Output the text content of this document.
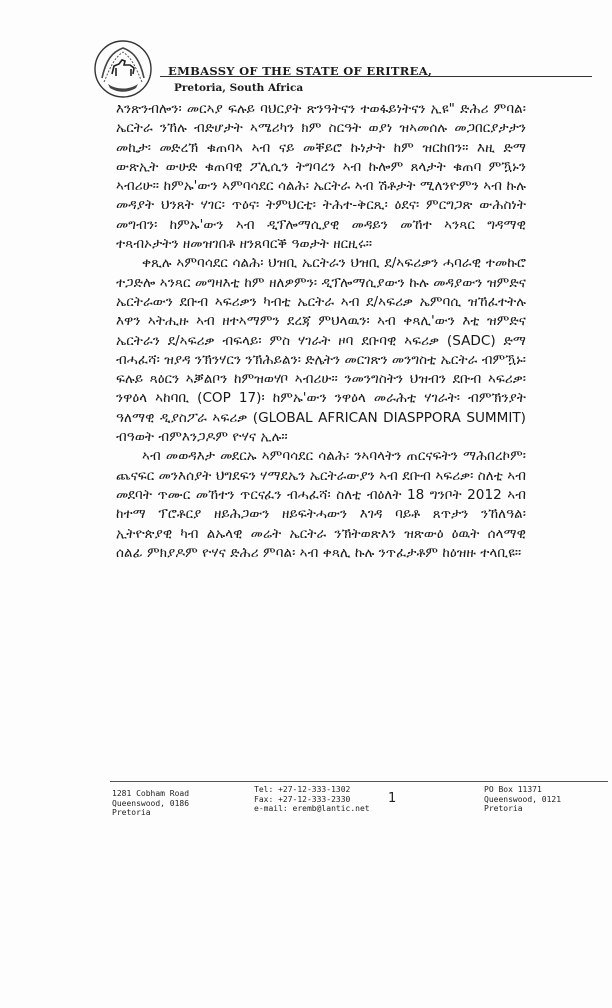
EMBASSY OF THE STATE OF ERITREA,
Pretoria, South Africa

እንጽንብሎን፡ መርኣያ ፍሉይ ባህርያት ጽንዓትናን ተወፋይነትናን ኢዩ" ድሕሪ ምባል፡ ኤርትራ ንኸሉ ብድሆታት ኣሜሪካን ክም ስርዓት ወያነ ዝኣመሰሉ መጋበርያታታን መኪታ፡ መድረኽ ቁጠባኣ ኣብ ናይ መቐይሮ ኩነታት ከም ዝርከበን። እዚ ድማ ውጽኢት ውሁድ ቁጠባዊ ፖሊሲን ትግባረን ኣብ ኩሎም ጸላታት ቁጠባ ምዃኑን ኣብሪሁ። ከምኡ'ውን ኣምባሳደር ሳልሕ፡ ኤርትራ ኣብ ሽቶታት ሚለንዮምን ኣብ ኩሉ መዳያት ህንጸት ሃገር፡ ጥዕና፡ ትምህርቲ፡ ትሕተ-ቅርጺ፡ ዕደና፡ ምርግጋጽ ውሕስነት መግብን፡ ከምኡ'ውን ኣብ ዲፕሎማሲያዊ መዳይን መኸተ ኣንጻር ግዳማዊ ተጻብኦታትን ዘመዝገበቶ ዘንጸባርቕ ዓወታት ዘርዚሩ።

ቀጺሉ ኣምባሳደር ሳልሕ፡ ህዝቢ ኤርትራን ህዝቢ ደ/ኣፍሪቃን ሓባራዊ ተመኩሮ ተጋድሎ ኣንጻር መግዛእቲ ከም ዘለዎምን፡ ዲፕሎማሲያውን ኩሉ መዳያውን ዝምድና ኤርትራውን ደቡብ ኣፍሪቃን ካብቲ ኤርትራ ኣብ ደ/ኣፍሪቃ ኤምባሲ ዝኸፈተትሉ እዋን ኣትሒዙ ኣብ ዘተኣማምን ደረጃ ምህላዉን፡ ኣብ ቀጻሊ'ውን እቲ ዝምድና ኤርትራን ደ/ኣፍሪቃ ብፍላይ፡ ምስ ሃገራት ዞባ ደቡባዊ ኣፍሪቃ (SADC) ድማ ብሓፈሻ፡ ዝያዳ ንኽንሃርን ንኽሕይልን፡ ድሌትን መርገጽን መንግስቲ ኤርትራ ብምዃኑ፡ ፍሉይ ጻዕርን ኣቓልቦን ከምዝወሃቦ ኣብሪሁ። ንመንግስትን ህዝብን ደቡብ ኣፍሪቃ፡ ንዋዕላ ኣከባቢ (COP 17)፡ ከምኡ'ውን ንዋዕላ መራሕቲ ሃገራት፡ ብምኽንያት ዓለማዊ ዲያስፖራ ኣፍሪቃ (GLOBAL AFRICAN DIASPPORA SUMMIT) ብዓወት ብምእንጋዶም ዮሃና ኢሉ።

ኣብ መወዳእታ መደርኡ ኣምባሳደር ሳልሕ፡ ንኣባላትን ጠርናፍትን ማሕበረኮም፡ ጨናፍር መንእሰያት ህግደፍን ሃማደኤን ኤርትራውያን ኣብ ደቡብ ኣፍሪቃ፡ ስለቲ ኣብ መደባት ጥሙር መኸተን ጥርናፈን ብሓፈሻ፡ ስለቲ ብዕለት 18 ግንቦት 2012 ኣብ ከተማ ፕሮቶርያ ዘይሕጋውን ዘይፍትሓውን እገዳ ባይቶ ጸጥታን ንኸለዓል፡ ኢትዮጵያዊ ካብ ልኡላዊ መሬት ኤርትራ ንኽትወጽእን ዝጽውዕ ዕዉት ሰላማዊ ሰልፊ ምክያዶም ዮሃና ድሕሪ ምባል፡ ኣብ ቀጻሊ ኩሉ ንጥፈታቶም ከዕዝዙ ተላቢዩ።

1281 Cobham Road
Queenswood, 0186
Pretoria
Tel: +27-12-333-1302
Fax: +27-12-333-2330
e-mail: eremb@lantic.net
1
PO Box 11371
Queenswood, 0121
Pretoria
